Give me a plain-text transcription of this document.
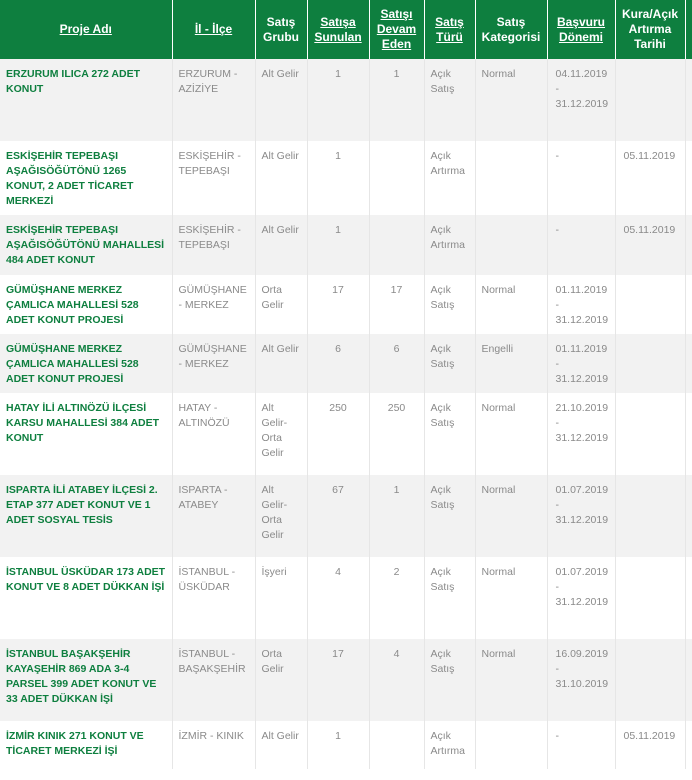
Proje Adı	İl - İlçe	Satış Grubu	Satışa Sunulan	Satışı Devam Eden	Satış Türü	Satış Kategorisi	Başvuru Dönemi	Kura/Açık Artırma Tarihi	
ERZURUM ILICA 272 ADET KONUT	ERZURUM - AZİZİYE	Alt Gelir	1	1	Açık Satış	Normal	04.11.2019 - 31.12.2019		
ESKİŞEHİR TEPEBAŞI AŞAĞISÖĞÜTÖNÜ 1265 KONUT, 2 ADET TİCARET MERKEZİ	ESKİŞEHİR - TEPEBAŞI	Alt Gelir	1		Açık Artırma		-	05.11.2019	
ESKİŞEHİR TEPEBAŞI AŞAĞISÖĞÜTÖNÜ MAHALLESİ 484 ADET KONUT	ESKİŞEHİR - TEPEBAŞI	Alt Gelir	1		Açık Artırma		-	05.11.2019	
GÜMÜŞHANE MERKEZ ÇAMLICA MAHALLESİ 528 ADET KONUT PROJESİ	GÜMÜŞHANE - MERKEZ	Orta Gelir	17	17	Açık Satış	Normal	01.11.2019 - 31.12.2019		
GÜMÜŞHANE MERKEZ ÇAMLICA MAHALLESİ 528 ADET KONUT PROJESİ	GÜMÜŞHANE - MERKEZ	Alt Gelir	6	6	Açık Satış	Engelli	01.11.2019 - 31.12.2019		
HATAY İLİ ALTINÖZÜ İLÇESİ KARSU MAHALLESİ 384 ADET KONUT	HATAY - ALTINÖZÜ	Alt Gelir- Orta Gelir	250	250	Açık Satış	Normal	21.10.2019 - 31.12.2019		
ISPARTA İLİ ATABEY İLÇESİ 2. ETAP 377 ADET KONUT VE 1 ADET SOSYAL TESİS	ISPARTA - ATABEY	Alt Gelir- Orta Gelir	67	1	Açık Satış	Normal	01.07.2019 - 31.12.2019		
İSTANBUL ÜSKÜDAR 173 ADET KONUT VE 8 ADET DÜKKAN İŞİ	İSTANBUL - ÜSKÜDAR	İşyeri	4	2	Açık Satış	Normal	01.07.2019 - 31.12.2019		
İSTANBUL BAŞAKŞEHİR KAYAŞEHİR 869 ADA 3-4 PARSEL 399 ADET KONUT VE 33 ADET DÜKKAN İŞİ	İSTANBUL - BAŞAKŞEHİR	Orta Gelir	17	4	Açık Satış	Normal	16.09.2019 - 31.10.2019		
İZMİR KINIK 271 KONUT VE TİCARET MERKEZİ İŞİ	İZMİR - KINIK	Alt Gelir	1		Açık Artırma		-	05.11.2019	
